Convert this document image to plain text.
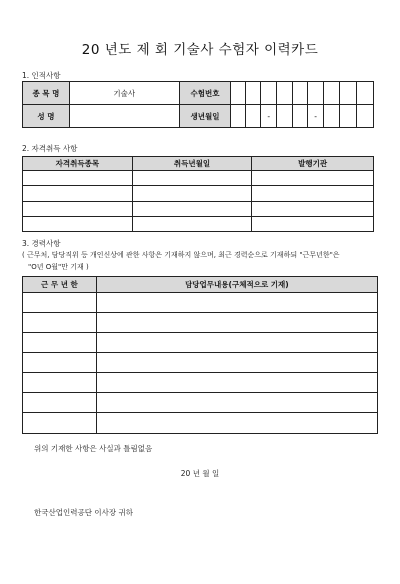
20 년도 제 회 기술사 수험자 이력카드
1. 인적사항
종 목 명	기술사	수험번호									
성 명		생년월일			-			-			
2. 자격취득 사항
자격취득종목	취득년월일	발행기관

3. 경력사항
( 근무처, 담당직위 등 개인신상에 관한 사항은 기재하지 않으며, 최근 경력순으로 기재하되 "근무년한"은
"O년 O월"만 기재 )
근 무 년 한	담당업무내용(구체적으로 기재)

위의 기재한 사항은 사실과 틀림없음
20 년 월 일
한국산업인력공단 이사장 귀하
